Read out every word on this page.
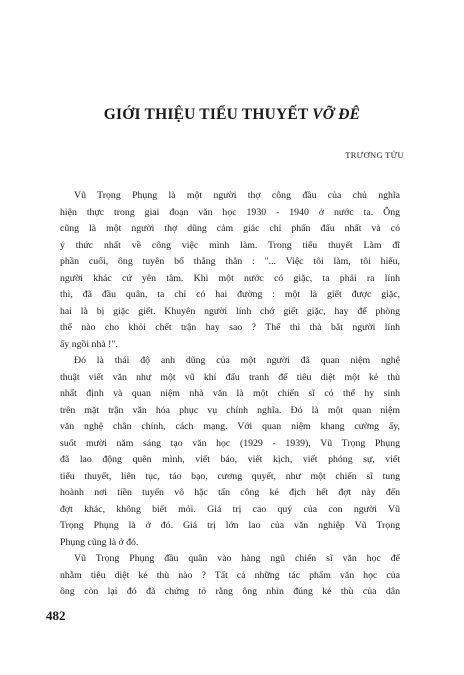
GIỚI THIỆU TIỂU THUYẾT VỠ ĐÊ
TRƯƠNG TỬU
Vũ Trọng Phụng là một người thợ công đầu của chủ nghĩa
hiện thực trong giai đoạn văn học 1930 - 1940 ở nước ta. Ông
cũng là một người thợ dũng cảm giác chỉ phấn đấu nhất và có
ý thức nhất về công việc mình làm. Trong tiểu thuyết Làm đĩ
phần cuối, ông tuyên bố thẳng thắn : "... Việc tôi làm, tôi hiểu,
người khác cứ yên tâm. Khi một nước có giặc, ta phải ra lính
thì, đã đầu quân, ta chỉ có hai đường : một là giết được giặc,
hai là bị giặc giết. Khuyên người lính chớ giết giặc, hay để phòng
thế nào cho khỏi chết trận hay sao ? Thế thì thà bắt người lính
ấy ngồi nhà !".
Đó là thái độ anh dũng của một người đã quan niệm nghệ
thuật viết văn như một vũ khí đấu tranh để tiêu diệt một kẻ thù
nhất định và quan niệm nhà văn là một chiến sĩ có thể hy sinh
trên mặt trận văn hóa phục vụ chính nghĩa. Đó là một quan niệm
văn nghệ chân chính, cách mạng. Với quan niệm khang cường ấy,
suốt mười năm sáng tạo văn học (1929 - 1939), Vũ Trọng Phụng
đã lao động quên mình, viết báo, viết kịch, viết phóng sự, viết
tiểu thuyết, liên tục, táo bạo, cương quyết, như một chiến sĩ tung
hoành nơi tiền tuyến vô hặc tấn công kẻ địch hết đợt này đến
đợt khác, không biết mỏi. Giá trị cao quý của con người Vũ
Trọng Phụng là ở đó. Giá trị lớn lao của văn nghiệp Vũ Trọng
Phụng cũng là ở đó.
Vũ Trọng Phụng đầu quân vào hàng ngũ chiến sĩ văn học để
nhằm tiêu diệt kẻ thù nào ? Tất cả những tác phẩm văn học của
ông còn lại đó đã chứng tỏ rằng ông nhìn đúng kẻ thù của dân
482
